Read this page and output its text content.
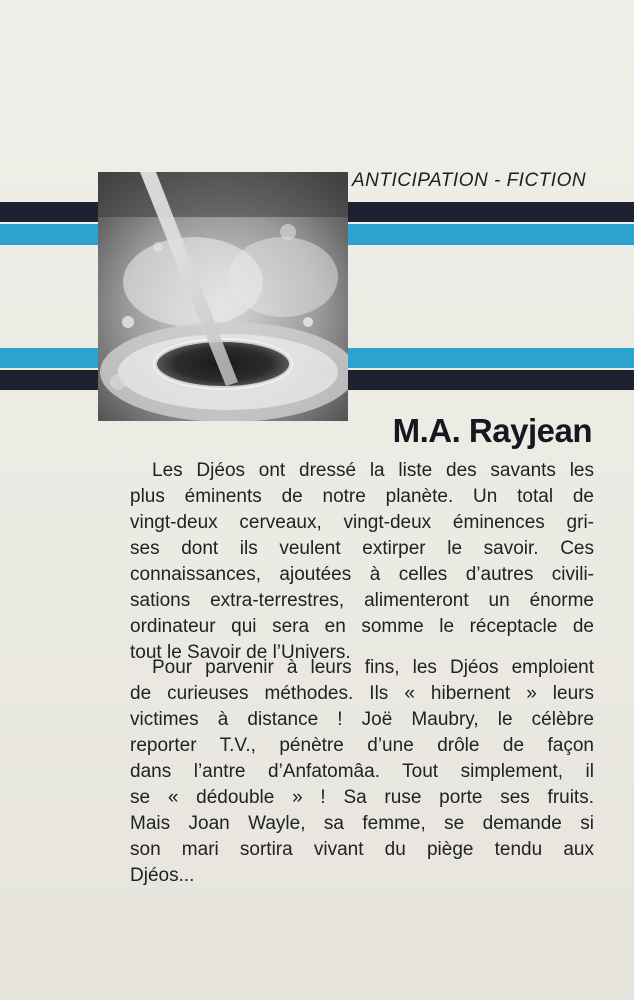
ANTICIPATION - FICTION
M.A. Rayjean
Les Djéos ont dressé la liste des savants les
plus éminents de notre planète. Un total de
vingt-deux cerveaux, vingt-deux éminences gri-
ses dont ils veulent extirper le savoir. Ces
connaissances, ajoutées à celles d’autres civili-
sations extra-terrestres, alimenteront un énorme
ordinateur qui sera en somme le réceptacle de
tout le Savoir de l’Univers.
Pour parvenir à leurs fins, les Djéos emploient
de curieuses méthodes. Ils « hibernent » leurs
victimes à distance ! Joë Maubry, le célèbre
reporter T.V., pénètre d’une drôle de façon
dans l’antre d’Anfatomâa. Tout simplement, il
se « dédouble » ! Sa ruse porte ses fruits.
Mais Joan Wayle, sa femme, se demande si
son mari sortira vivant du piège tendu aux
Djéos...
